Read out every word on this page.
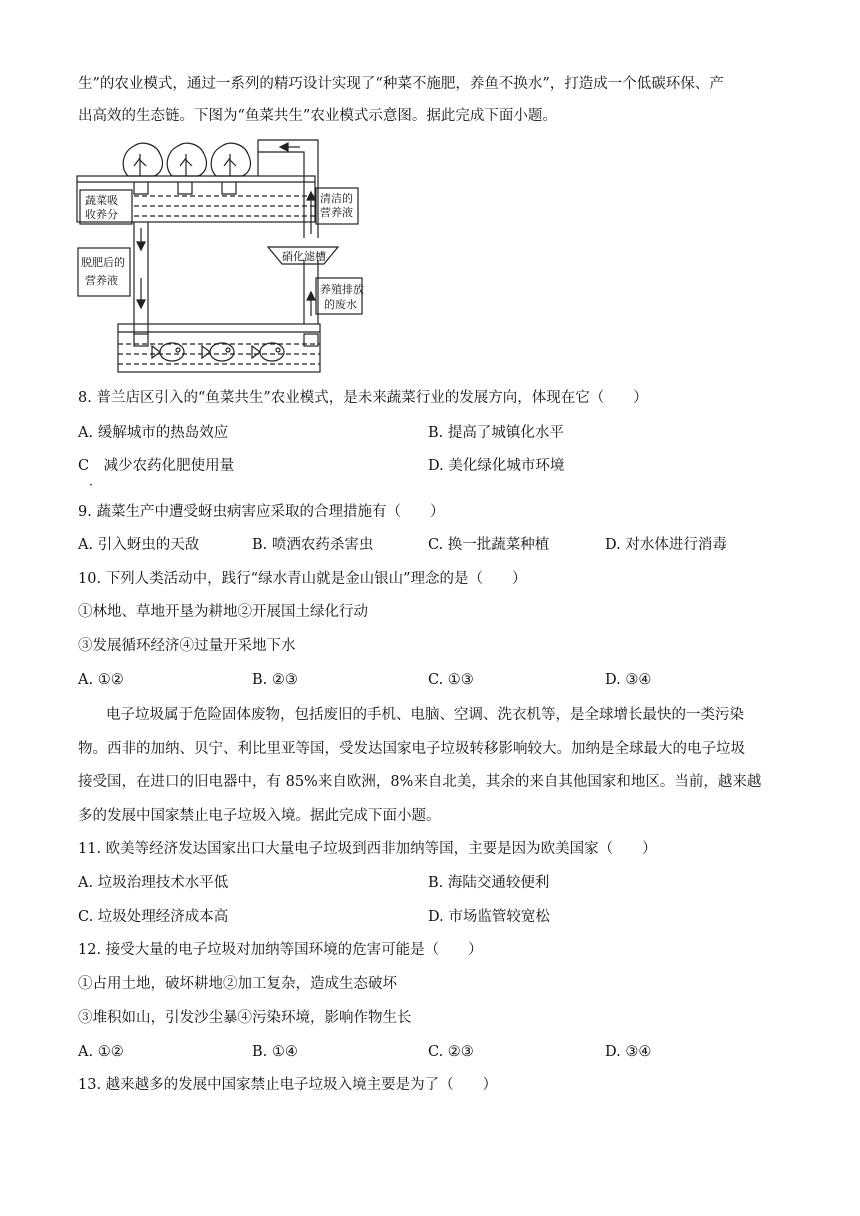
生”的农业模式，通过一系列的精巧设计实现了“种菜不施肥，养鱼不换水”，打造成一个低碳环保、产
出高效的生态链。下图为“鱼菜共生”农业模式示意图。据此完成下面小题。
蔬菜吸
收养分
清洁的
营养液
硝化滤槽
脱肥后的
营养液
养殖排放
的废水
8. 普兰店区引入的“鱼菜共生”农业模式，是未来蔬菜行业的发展方向，体现在它（　　）
A. 缓解城市的热岛效应	B. 提高了城镇化水平
C　减少农药化肥使用量	D. 美化绿化城市环境
·
9. 蔬菜生产中遭受蚜虫病害应采取的合理措施有（　　）
A. 引入蚜虫的天敌	B. 喷洒农药杀害虫	C. 换一批蔬菜种植	D. 对水体进行消毒
10. 下列人类活动中，践行“绿水青山就是金山银山”理念的是（　　）
①林地、草地开垦为耕地②开展国土绿化行动
③发展循环经济④过量开采地下水
A. ①②	B. ②③	C. ①③	D. ③④
电子垃圾属于危险固体废物，包括废旧的手机、电脑、空调、洗衣机等，是全球增长最快的一类污染
物。西非的加纳、贝宁、利比里亚等国，受发达国家电子垃圾转移影响较大。加纳是全球最大的电子垃圾
接受国，在进口的旧电器中，有 85%来自欧洲，8%来自北美，其余的来自其他国家和地区。当前，越来越
多的发展中国家禁止电子垃圾入境。据此完成下面小题。
11. 欧美等经济发达国家出口大量电子垃圾到西非加纳等国，主要是因为欧美国家（　　）
A. 垃圾治理技术水平低	B. 海陆交通较便利
C. 垃圾处理经济成本高	D. 市场监管较宽松
12. 接受大量的电子垃圾对加纳等国环境的危害可能是（　　）
①占用土地，破坏耕地②加工复杂，造成生态破坏
③堆积如山，引发沙尘暴④污染环境，影响作物生长
A. ①②	B. ①④	C. ②③	D. ③④
13. 越来越多的发展中国家禁止电子垃圾入境主要是为了（　　）
